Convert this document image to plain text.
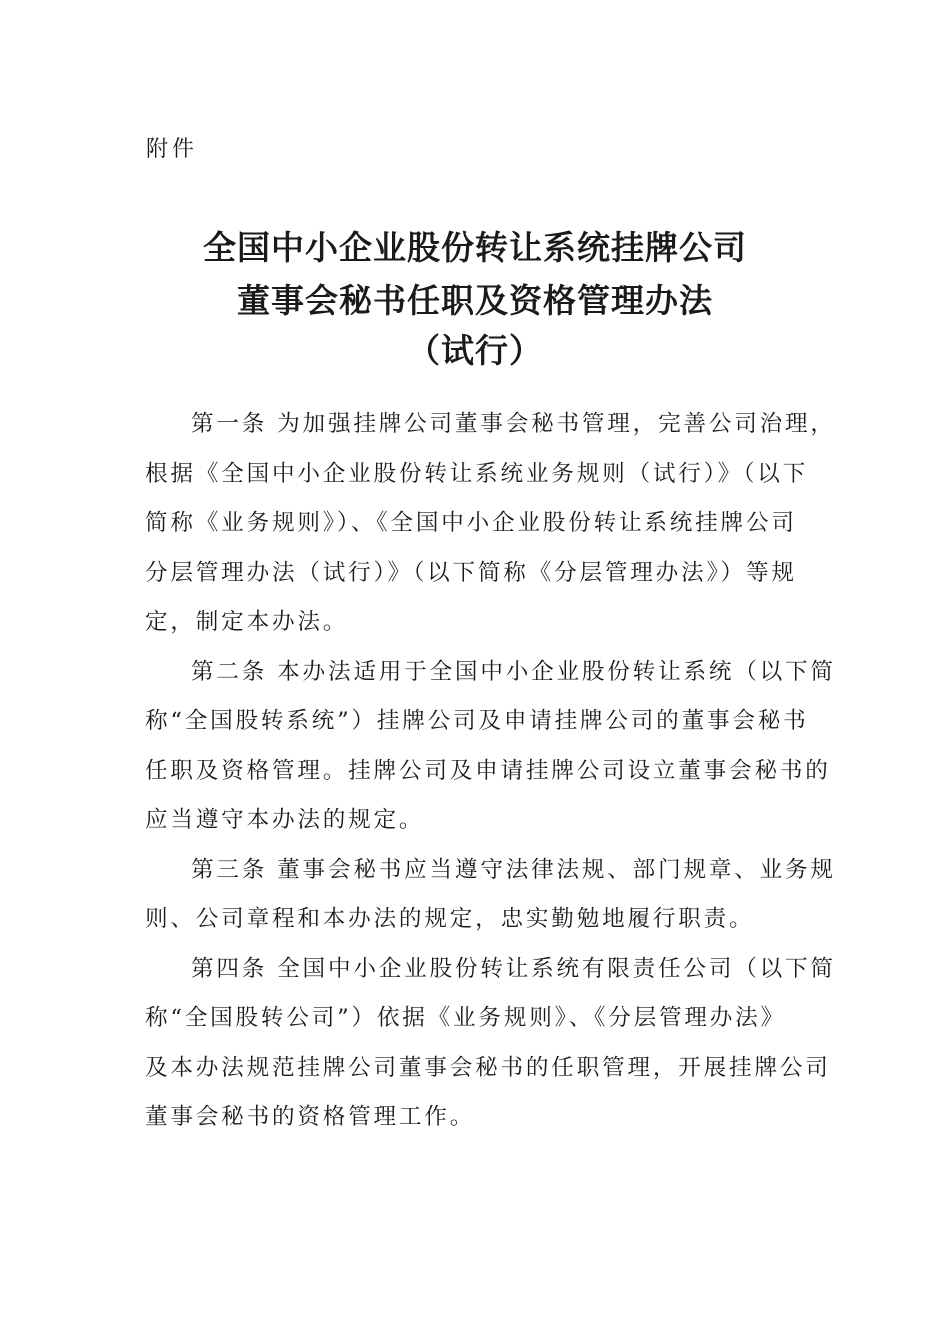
附件
全国中小企业股份转让系统挂牌公司
董事会秘书任职及资格管理办法
（试行）

第一条 为加强挂牌公司董事会秘书管理，完善公司治理，
根据《全国中小企业股份转让系统业务规则（试行）》（以下
简称《业务规则》）、《全国中小企业股份转让系统挂牌公司
分层管理办法（试行）》（以下简称《分层管理办法》）等规
定，制定本办法。

第二条 本办法适用于全国中小企业股份转让系统（以下简
称“全国股转系统”）挂牌公司及申请挂牌公司的董事会秘书
任职及资格管理。挂牌公司及申请挂牌公司设立董事会秘书的
应当遵守本办法的规定。

第三条 董事会秘书应当遵守法律法规、部门规章、业务规
则、公司章程和本办法的规定，忠实勤勉地履行职责。

第四条 全国中小企业股份转让系统有限责任公司（以下简
称“全国股转公司”）依据《业务规则》、《分层管理办法》
及本办法规范挂牌公司董事会秘书的任职管理，开展挂牌公司
董事会秘书的资格管理工作。
